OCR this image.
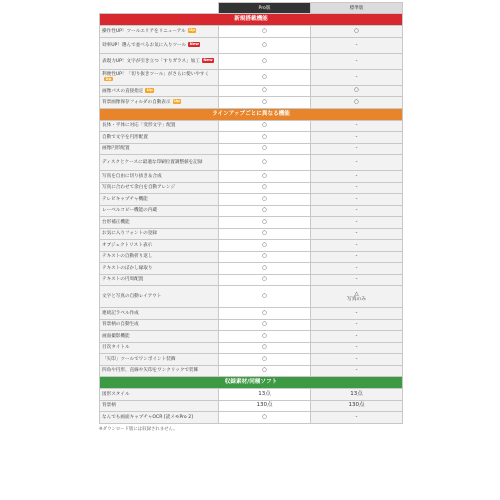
	Pro版	標準版
新規搭載機能		
操作性UP！ツールエリアをリニューアル Up	○	○
効率UP！選んで並べるお気に入りツール New	○	-
表現力UP！文字が引き立つ「すりガラス」加工 New	○	-
利便性UP！「切り抜きツール」がさらに使いやすくUp	○	-
画像パスの直接指定 Up	○	○
背景画像保存フォルダの自動表示 Up	○	○
ラインアップごとに異なる機能		
長体・平体に対応「変形文字」配置	○	-
自動で文字を円形配置	○	-
画像円形配置	○	-
ディスクとケースに最適な印刷位置調整値を記録	○	-
写真を自由に切り抜き＆合成	○	-
写真に合わせて余白を自動アレンジ	○	-
テレビキャプチャ機能	○	-
レーベルコピー機能の内蔵	○	-
台形補正機能	○	-
お気に入りフォントの登録	○	-
オブジェクトリスト表示	○	-
テキストの自動折り返し	○	-
テキストのぼかし縁取り	○	-
テキストの円周配置	○	-
文字と写真の自動レイアウト	○	△
写真のみ

連続記ラベル作成	○	-
背景柄の自動生成	○	-
画面撮影機能	○	-
目次タイトル	○	-
「矢印」ツールでワンポイント装飾	○	-
四角や円形、直線や矢印をワンクリックで装飾	○	-
収録素材/同梱ソフト		
図形スタイル	13点	13点
背景柄	130点	130点
なんでも画面キャプチャOCR [読メモPro 2]	○	-
※ダウンロード版には収録されません。
